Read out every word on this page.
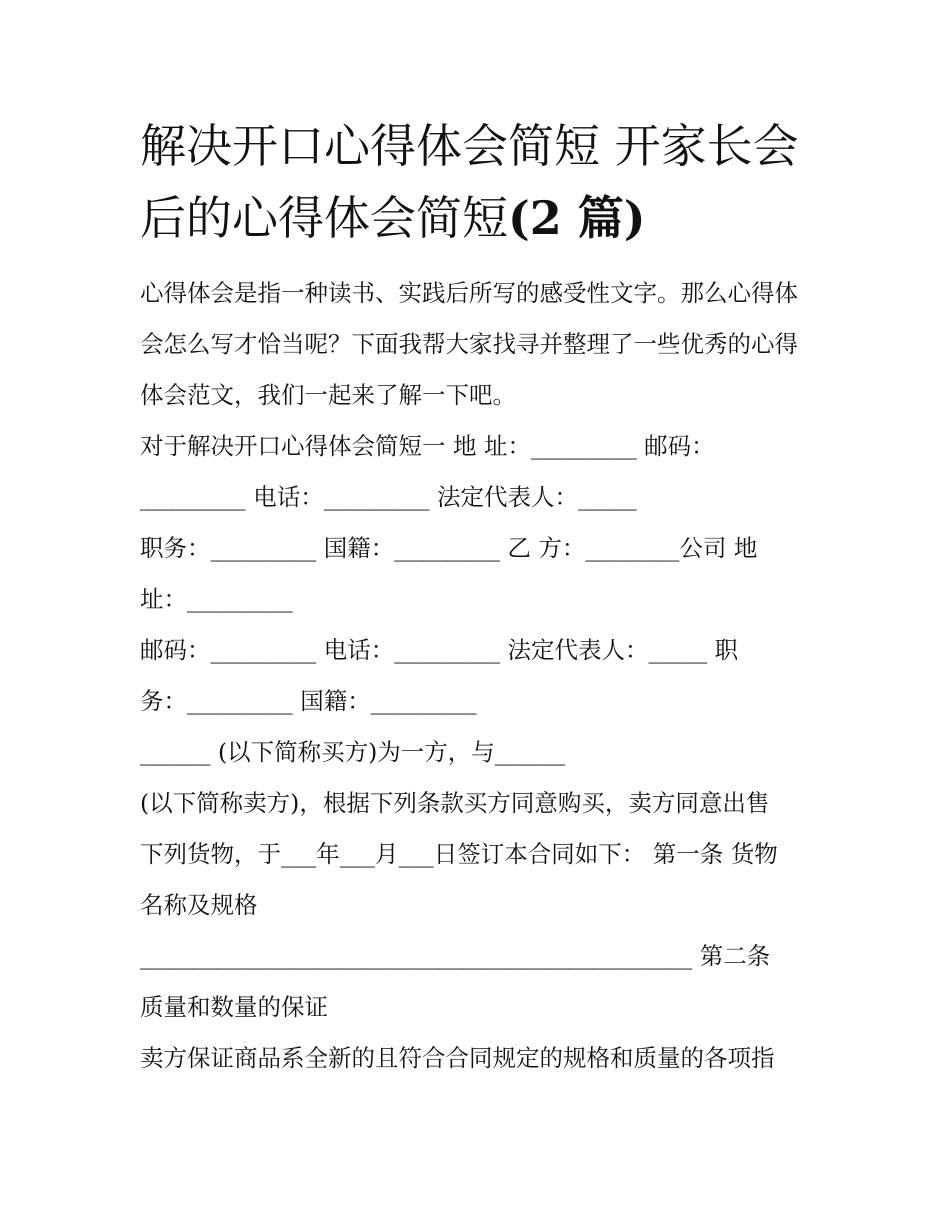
解决开口心得体会简短 开家长会后的心得体会简短(2 篇)

心得体会是指一种读书、实践后所写的感受性文字。那么心得体会怎么写才恰当呢？下面我帮大家找寻并整理了一些优秀的心得体会范文，我们一起来了解一下吧。

对于解决开口心得体会简短一 地 址：_________ 邮码：
_________ 电话：_________ 法定代表人：_____
职务：_________ 国籍：_________ 乙 方：________公司 地
址：_________
邮码：_________ 电话：_________ 法定代表人：_____ 职
务：_________ 国籍：_________
______ (以下简称买方)为一方，与______
(以下简称卖方)，根据下列条款买方同意购买，卖方同意出售
下列货物，于___年___月___日签订本合同如下： 第一条 货物
名称及规格
_______________________________________________ 第二条
质量和数量的保证
卖方保证商品系全新的且符合合同规定的规格和质量的各项指
